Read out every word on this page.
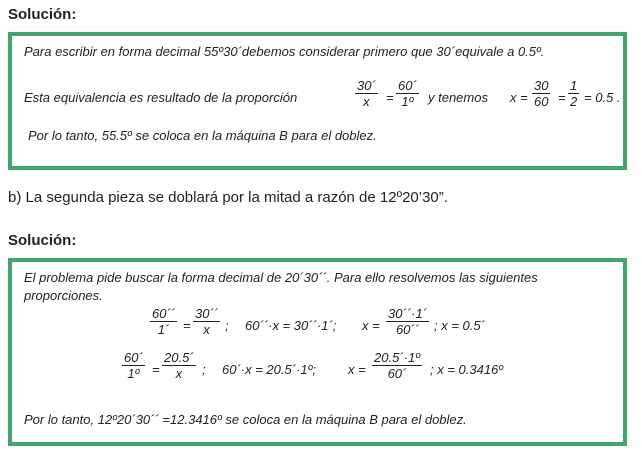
Solución:
Para escribir en forma decimal 55º30´debemos considerar primero que 30´equivale a 0.5º.
Esta equivalencia es resultado de la proporción
30´
x =
60´
1º y tenemos x =
30
60 =
1
2 = 0.5 .
Por lo tanto, 55.5º se coloca en la máquina B para el doblez.
b) La segunda pieza se doblará por la mitad a razón de 12º20’30”.
Solución:
El problema pide buscar la forma decimal de 20´30´´. Para ello resolvemos las siguientes
proporciones.
60´´
1´ =
30´´
x ; 60´´·x = 30´´·1´; x =
30´´·1´
60´´ ; x = 0.5´
60´
1º =
20.5´
x ; 60´·x = 20.5´·1º; x =
20.5´·1º
60´ ; x = 0.3416º
Por lo tanto, 12º20´30´´ =12.3416º se coloca en la máquina B para el doblez.
